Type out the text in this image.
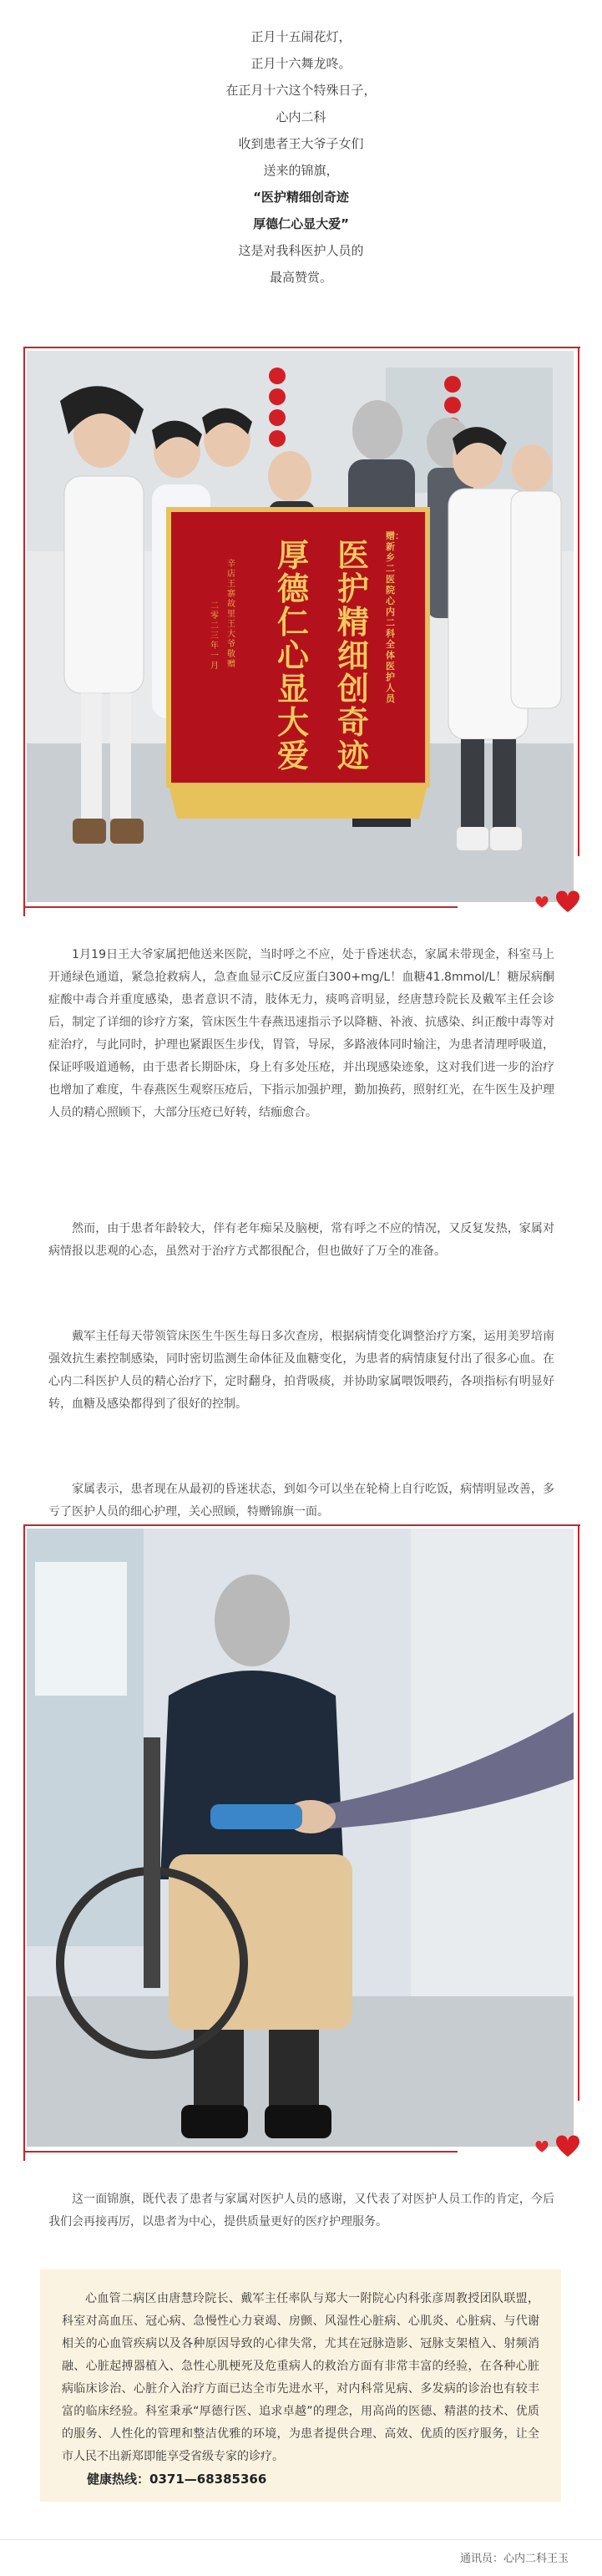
正月十五闹花灯，
正月十六舞龙咚。
在正月十六这个特殊日子，
心内二科
收到患者王大爷子女们
送来的锦旗，
“医护精细创奇迹
厚德仁心显大爱”
这是对我科医护人员的
最高赞赏。
赠：新乡二医院心内二科全体医护人员
医护精细创奇迹
厚德仁心显大爱
辛店王寨故里王大爷 敬赠
二零二三年一月

1月19日王大爷家属把他送来医院，当时呼之不应，处于昏迷状态，家属未带现金，科室马上开通绿色通道，紧急抢救病人，急查血显示C反应蛋白300+mg/L！血糖41.8mmol/L！糖尿病酮症酸中毒合并重度感染，患者意识不清，肢体无力，痰鸣音明显，经唐慧玲院长及戴军主任会诊后，制定了详细的诊疗方案，管床医生牛春燕迅速指示予以降糖、补液、抗感染、纠正酸中毒等对症治疗，与此同时，护理也紧跟医生步伐，胃管，导尿，多路液体同时输注，为患者清理呼吸道，保证呼吸道通畅，由于患者长期卧床，身上有多处压疮，并出现感染迹象，这对我们进一步的治疗也增加了难度，牛春燕医生观察压疮后，下指示加强护理，勤加换药，照射红光，在牛医生及护理人员的精心照顾下，大部分压疮已好转，结痂愈合。

然而，由于患者年龄较大，伴有老年痴呆及脑梗，常有呼之不应的情况，又反复发热，家属对病情报以悲观的心态，虽然对于治疗方式都很配合，但也做好了万全的准备。

戴军主任每天带领管床医生牛医生每日多次查房，根据病情变化调整治疗方案，运用美罗培南强效抗生素控制感染，同时密切监测生命体征及血糖变化，为患者的病情康复付出了很多心血。在心内二科医护人员的精心治疗下，定时翻身，拍背吸痰，并协助家属喂饭喂药，各项指标有明显好转，血糖及感染都得到了很好的控制。

家属表示，患者现在从最初的昏迷状态，到如今可以坐在轮椅上自行吃饭，病情明显改善，多亏了医护人员的细心护理，关心照顾，特赠锦旗一面。

这一面锦旗，既代表了患者与家属对医护人员的感谢，又代表了对医护人员工作的肯定，今后我们会再接再厉，以患者为中心，提供质量更好的医疗护理服务。

心血管二病区由唐慧玲院长、戴军主任率队与郑大一附院心内科张彦周教授团队联盟，科室对高血压、冠心病、急慢性心力衰竭、房颤、风湿性心脏病、心肌炎、心脏病、与代谢相关的心血管疾病以及各种原因导致的心律失常，尤其在冠脉造影、冠脉支架植入、射频消融、心脏起搏器植入、急性心肌梗死及危重病人的救治方面有非常丰富的经验，在各种心脏病临床诊治、心脏介入治疗方面已达全市先进水平，对内科常见病、多发病的诊治也有较丰富的临床经验。科室秉承“厚德行医、追求卓越”的理念，用高尚的医德、精湛的技术、优质的服务、人性化的管理和整洁优雅的环境，为患者提供合理、高效、优质的医疗服务，让全市人民不出新郑即能享受省级专家的诊疗。

健康热线：0371—68385366
通讯员：心内二科王玉
